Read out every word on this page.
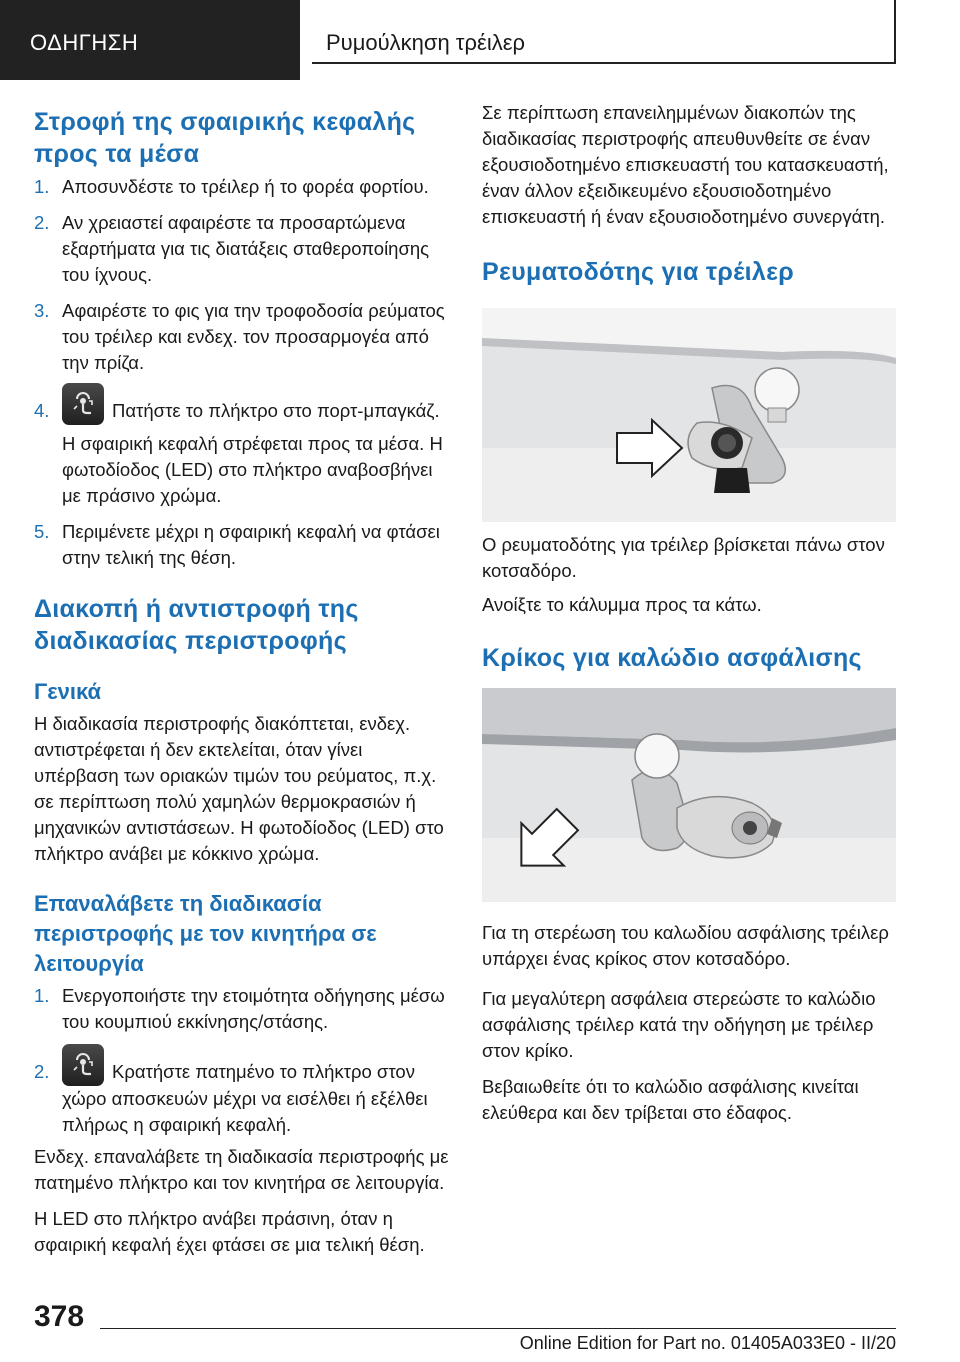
ΟΔΗΓΗΣΗ	Ρυμούλκηση τρέιλερ
Στροφή της σφαιρικής κεφαλής προς τα μέσα
1. Αποσυνδέστε το τρέιλερ ή το φορέα φορτίου.
2. Αν χρειαστεί αφαιρέστε τα προσαρτώμενα εξαρτήματα για τις διατάξεις σταθεροποίησης του ίχνους.
3. Αφαιρέστε το φις για την τροφοδοσία ρεύματος του τρέιλερ και ενδεχ. τον προσαρμογέα από την πρίζα.
4.	Πατήστε το πλήκτρο στο πορτ-μπαγκάζ.
Η σφαιρική κεφαλή στρέφεται προς τα μέσα. Η φωτοδίοδος (LED) στο πλήκτρο αναβοσβήνει με πράσινο χρώμα.
5. Περιμένετε μέχρι η σφαιρική κεφαλή να φτάσει στην τελική της θέση.
Διακοπή ή αντιστροφή της διαδικασίας περιστροφής
Γενικά

Η διαδικασία περιστροφής διακόπτεται, ενδεχ. αντιστρέφεται ή δεν εκτελείται, όταν γίνει υπέρβαση των οριακών τιμών του ρεύματος, π.χ. σε περίπτωση πολύ χαμηλών θερμοκρασιών ή μηχανικών αντιστάσεων. Η φωτοδίοδος (LED) στο πλήκτρο ανάβει με κόκκινο χρώμα.

Επαναλάβετε τη διαδικασία περιστροφής με τον κινητήρα σε λειτουργία
1. Ενεργοποιήστε την ετοιμότητα οδήγησης μέσω του κουμπιού εκκίνησης/στάσης.
2.	Κρατήστε πατημένο το πλήκτρο στον χώρο αποσκευών μέχρι να εισέλθει ή εξέλθει πλήρως η σφαιρική κεφαλή.

Ενδεχ. επαναλάβετε τη διαδικασία περιστροφής με πατημένο πλήκτρο και τον κινητήρα σε λειτουργία.

Η LED στο πλήκτρο ανάβει πράσινη, όταν η σφαιρική κεφαλή έχει φτάσει σε μια τελική θέση.

Σε περίπτωση επανειλημμένων διακοπών της διαδικασίας περιστροφής απευθυνθείτε σε έναν εξουσιοδοτημένο επισκευαστή του κατασκευαστή, έναν άλλον εξειδικευμένο εξουσιοδοτημένο επισκευαστή ή έναν εξουσιοδοτημένο συνεργάτη.

Ρευματοδότης για τρέιλερ

Ο ρευματοδότης για τρέιλερ βρίσκεται πάνω στον κοτσαδόρο.

Ανοίξτε το κάλυμμα προς τα κάτω.

Κρίκος για καλώδιο ασφάλισης

Για τη στερέωση του καλωδίου ασφάλισης τρέιλερ υπάρχει ένας κρίκος στον κοτσαδόρο.

Για μεγαλύτερη ασφάλεια στερεώστε το καλώδιο ασφάλισης τρέιλερ κατά την οδήγηση με τρέιλερ στον κρίκο.

Βεβαιωθείτε ότι το καλώδιο ασφάλισης κινείται ελεύθερα και δεν τρίβεται στο έδαφος.

378
Online Edition for Part no. 01405A033E0 - II/20
